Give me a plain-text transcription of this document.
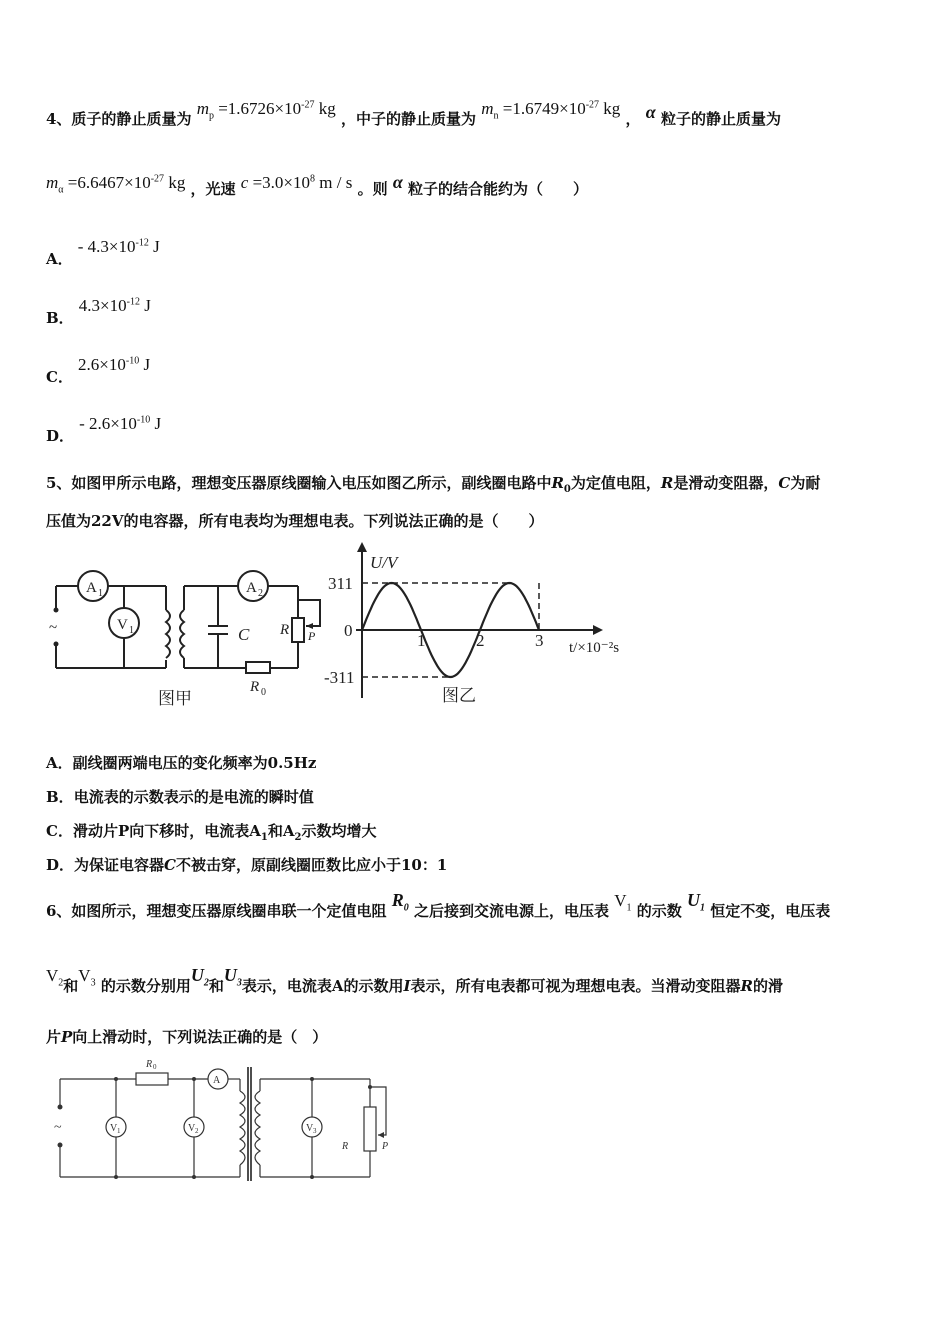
4、质子的静止质量为 $m_p =1.6726\times 10^{-27}$ kg ，中子的静止质量为 $m_n =1.6749\times 10^{-27}$ kg ， α 粒子的静止质量为
$m_\alpha =6.6467\times 10^{-27}$ kg ，光速 $c =3.0\times 10^8$ m / s 。则 α 粒子的结合能约为（　　）
A． - $4.3\times 10^{-12}$ J
B． $4.3\times 10^{-12}$ J
C． $2.6\times 10^{-10}$ J
D． - $2.6\times 10^{-10}$ J
5、如图甲所示电路，理想变压器原线圈输入电压如图乙所示，副线圈电路中$R_0$为定值电阻，R是滑动变阻器，C为耐
压值为22V的电容器，所有电表均为理想电表。下列说法正确的是（　　）
~
A 1
V 1
A 2
C R P
R 0
图甲
U/V
t/×10⁻²s
311
0
-311
1	2	3
图乙
A．副线圈两端电压的变化频率为0.5Hz
B．电流表的示数表示的是电流的瞬时值
C．滑动片P向下移时，电流表$A_1$和$A_2$示数均增大
D．为保证电容器C不被击穿，原副线圈匝数比应小于10：1
6、如图所示，理想变压器原线圈串联一个定值电阻 $R_0$ 之后接到交流电源上，电压表 $V_1$ 的示数 $U_1$ 恒定不变，电压表
$V_2$和$V_3$ 的示数分别用$U_2$和$U_3$表示，电流表A的示数用I表示，所有电表都可视为理想电表。当滑动变阻器R的滑
片P向上滑动时，下列说法正确的是（　）
~
R 0
A
V 1	V 2	V 3
R	P
